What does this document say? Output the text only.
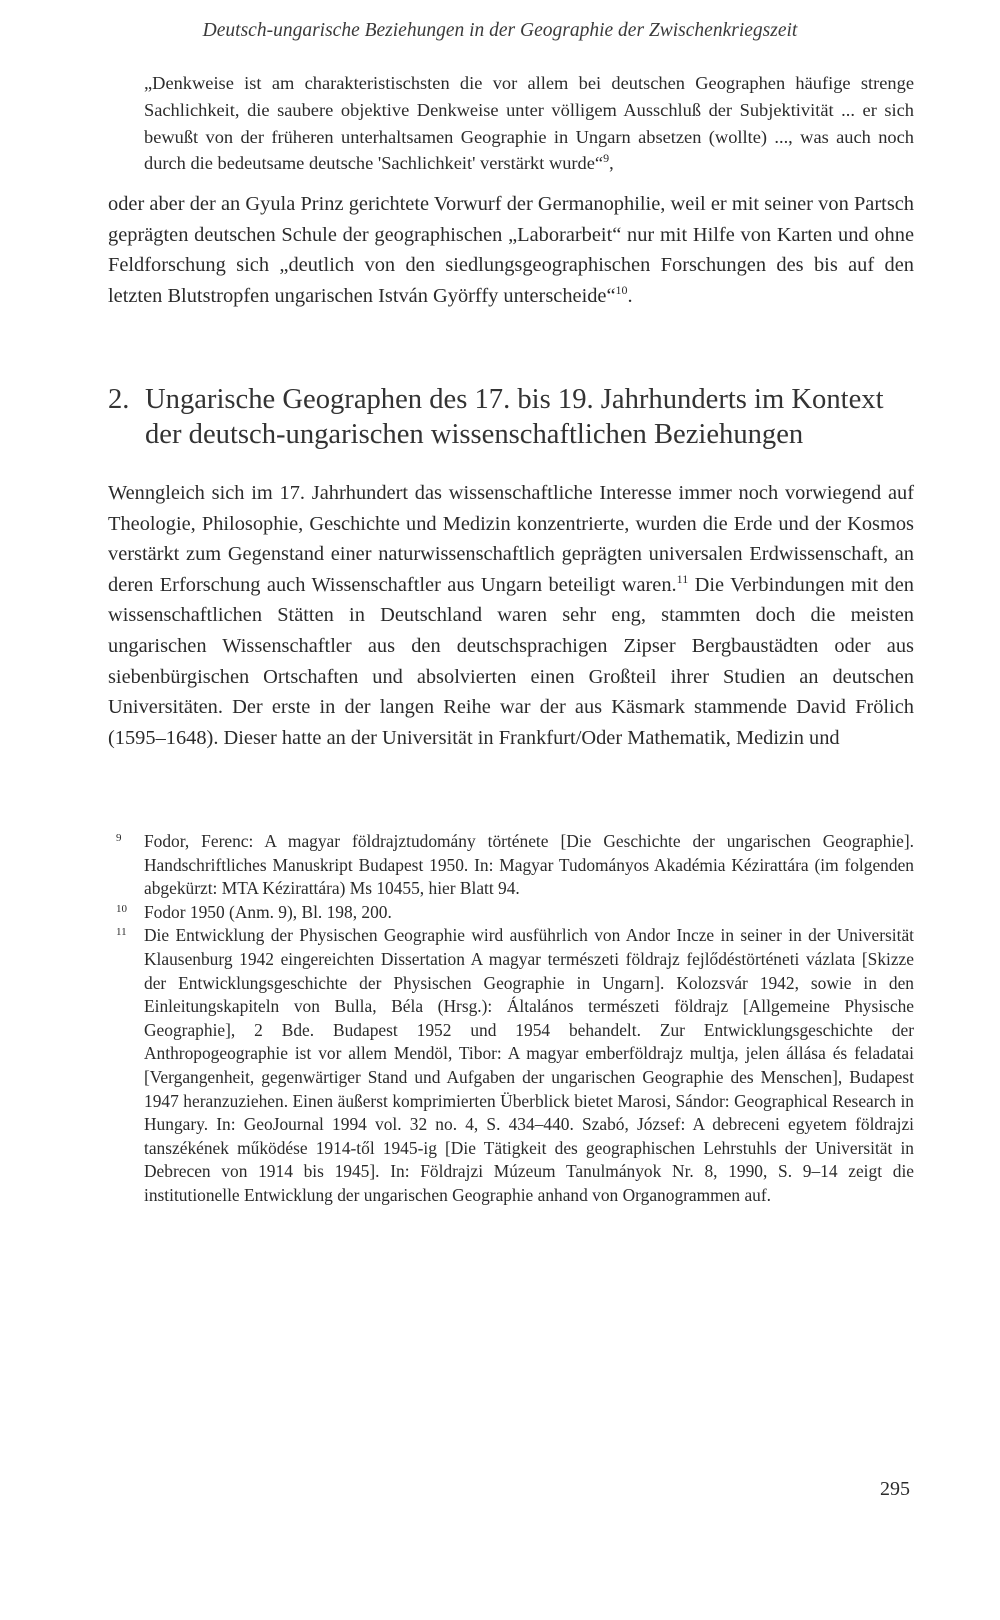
Deutsch-ungarische Beziehungen in der Geographie der Zwischenkriegszeit
„Denkweise ist am charakteristischsten die vor allem bei deutschen Geographen häufige strenge Sachlichkeit, die saubere objektive Denkweise unter völligem Ausschluß der Subjektivität ... er sich bewußt von der früheren unterhaltsamen Geographie in Ungarn absetzen (wollte) ..., was auch noch durch die bedeutsame deutsche 'Sachlichkeit' verstärkt wurde“$^9$,
oder aber der an Gyula Prinz gerichtete Vorwurf der Germanophilie, weil er mit seiner von Partsch geprägten deutschen Schule der geographischen „Laborarbeit“ nur mit Hilfe von Karten und ohne Feldforschung sich „deutlich von den siedlungsgeographischen Forschungen des bis auf den letzten Blutstropfen ungarischen István Györffy unterscheide“$^{10}$.
2. Ungarische Geographen des 17. bis 19. Jahrhunderts im Kontext der deutsch-ungarischen wissenschaftlichen Beziehungen
Wenngleich sich im 17. Jahrhundert das wissenschaftliche Interesse immer noch vorwiegend auf Theologie, Philosophie, Geschichte und Medizin konzentrierte, wurden die Erde und der Kosmos verstärkt zum Gegenstand einer naturwissenschaftlich geprägten universalen Erdwissenschaft, an deren Erforschung auch Wissenschaftler aus Ungarn beteiligt waren.$^{11}$ Die Verbindungen mit den wissenschaftlichen Stätten in Deutschland waren sehr eng, stammten doch die meisten ungarischen Wissenschaftler aus den deutschsprachigen Zipser Bergbaustädten oder aus siebenbürgischen Ortschaften und absolvierten einen Großteil ihrer Studien an deutschen Universitäten. Der erste in der langen Reihe war der aus Käsmark stammende David Frölich (1595–1648). Dieser hatte an der Universität in Frankfurt/Oder Mathematik, Medizin und
9 Fodor, Ferenc: A magyar földrajztudomány története [Die Geschichte der ungarischen Geographie]. Handschriftliches Manuskript Budapest 1950. In: Magyar Tudományos Akadémia Kézirattára (im folgenden abgekürzt: MTA Kézirattára) Ms 10455, hier Blatt 94.
10 Fodor 1950 (Anm. 9), Bl. 198, 200.
11 Die Entwicklung der Physischen Geographie wird ausführlich von Andor Incze in seiner in der Universität Klausenburg 1942 eingereichten Dissertation A magyar természeti földrajz fejlődéstörténeti vázlata [Skizze der Entwicklungsgeschichte der Physischen Geographie in Ungarn]. Kolozsvár 1942, sowie in den Einleitungskapiteln von Bulla, Béla (Hrsg.): Általános természeti földrajz [Allgemeine Physische Geographie], 2 Bde. Budapest 1952 und 1954 behandelt. Zur Entwicklungsgeschichte der Anthropogeographie ist vor allem Mendöl, Tibor: A magyar emberföldrajz multja, jelen állása és feladatai [Vergangenheit, gegenwärtiger Stand und Aufgaben der ungarischen Geographie des Menschen], Budapest 1947 heranzuziehen. Einen äußerst komprimierten Überblick bietet Marosi, Sándor: Geographical Research in Hungary. In: GeoJournal 1994 vol. 32 no. 4, S. 434–440. Szabó, József: A debreceni egyetem földrajzi tanszékének működése 1914-től 1945-ig [Die Tätigkeit des geographischen Lehrstuhls der Universität in Debrecen von 1914 bis 1945]. In: Földrajzi Múzeum Tanulmányok Nr. 8, 1990, S. 9–14 zeigt die institutionelle Entwicklung der ungarischen Geographie anhand von Organogrammen auf.
295
